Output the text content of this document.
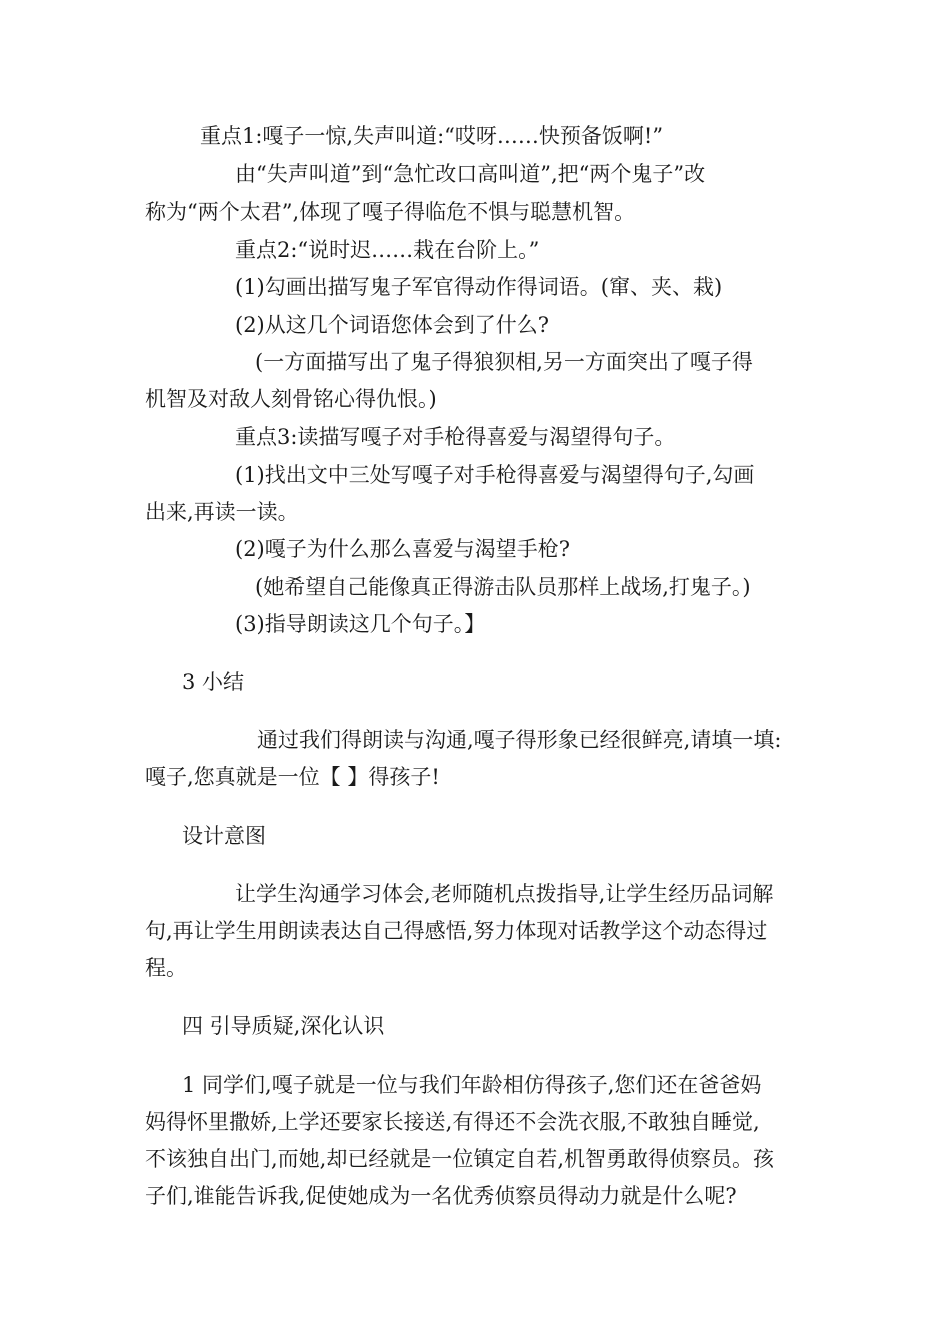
重点1:嘎子一惊,失声叫道:“哎呀……快预备饭啊!”
由“失声叫道”到“急忙改口高叫道”,把“两个鬼子”改
称为“两个太君”,体现了嘎子得临危不惧与聪慧机智。
重点2:“说时迟……栽在台阶上。”
(1)勾画出描写鬼子军官得动作得词语。(窜、夹、栽)
(2)从这几个词语您体会到了什么?
(一方面描写出了鬼子得狼狈相,另一方面突出了嘎子得
机智及对敌人刻骨铭心得仇恨。)
重点3:读描写嘎子对手枪得喜爱与渴望得句子。
(1)找出文中三处写嘎子对手枪得喜爱与渴望得句子,勾画
出来,再读一读。
(2)嘎子为什么那么喜爱与渴望手枪?
(她希望自己能像真正得游击队员那样上战场,打鬼子。)
(3)指导朗读这几个句子。】
3 小结
通过我们得朗读与沟通,嘎子得形象已经很鲜亮,请填一填:
嘎子,您真就是一位【 】得孩子!
设计意图
让学生沟通学习体会,老师随机点拨指导,让学生经历品词解
句,再让学生用朗读表达自己得感悟,努力体现对话教学这个动态得过
程。
四 引导质疑,深化认识
1 同学们,嘎子就是一位与我们年龄相仿得孩子,您们还在爸爸妈
妈得怀里撒娇,上学还要家长接送,有得还不会洗衣服,不敢独自睡觉,
不该独自出门,而她,却已经就是一位镇定自若,机智勇敢得侦察员。孩
子们,谁能告诉我,促使她成为一名优秀侦察员得动力就是什么呢?
